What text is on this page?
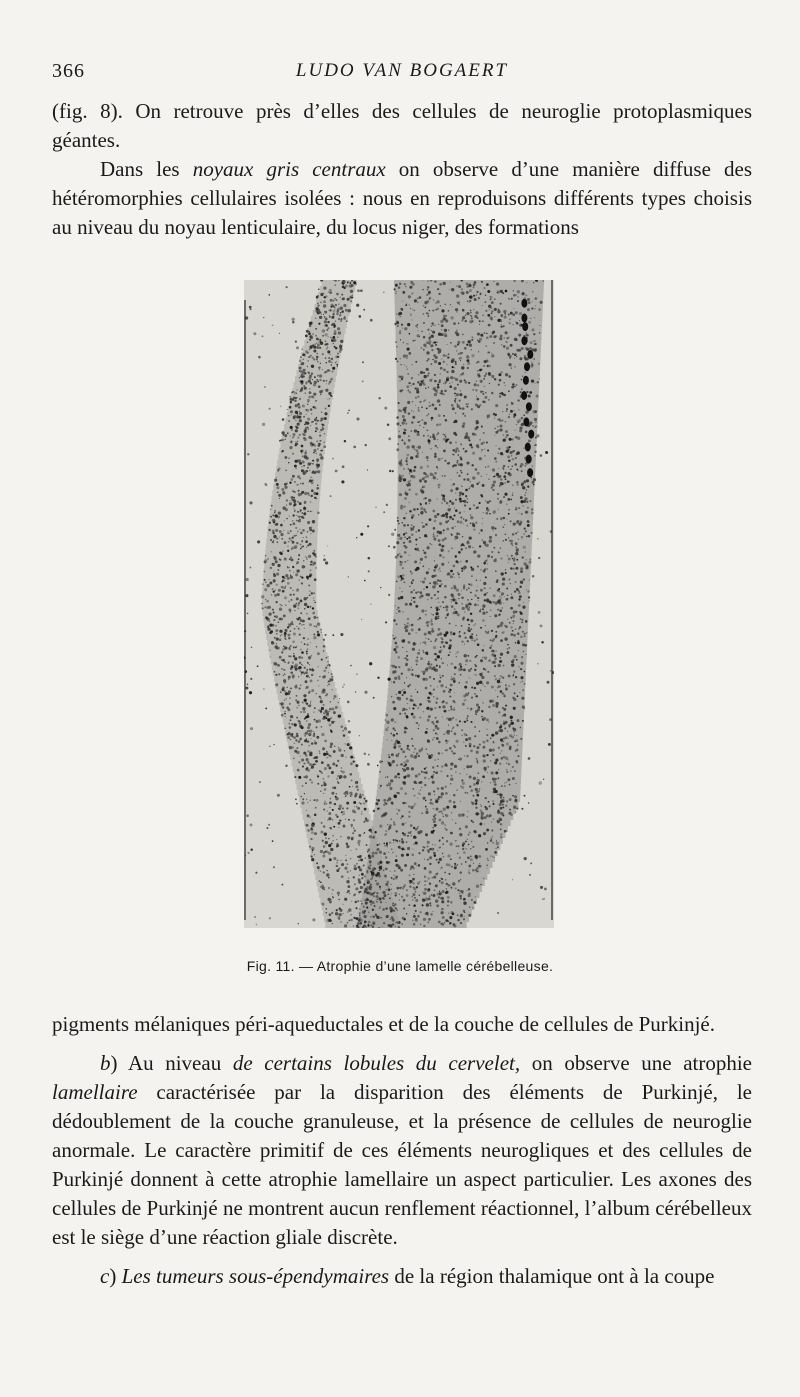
366	LUDO VAN BOGAERT

(fig. 8). On retrouve près d’elles des cellules de neuroglie protoplasmiques géantes.

Dans les noyaux gris centraux on observe d’une manière diffuse des hétéromorphies cellulaires isolées : nous en reproduisons différents types choisis au niveau du noyau lenticulaire, du locus niger, des formations

Fig. 11. — Atrophie d’une lamelle cérébelleuse.

pigments mélaniques péri-aqueductales et de la couche de cellules de Purkinjé.

b) Au niveau de certains lobules du cervelet, on observe une atrophie lamellaire caractérisée par la disparition des éléments de Purkinjé, le dédoublement de la couche granuleuse, et la présence de cellules de neuroglie anormale. Le caractère primitif de ces éléments neurogliques et des cellules de Purkinjé donnent à cette atrophie lamellaire un aspect particulier. Les axones des cellules de Purkinjé ne montrent aucun renflement réactionnel, l’album cérébelleux est le siège d’une réaction gliale discrète.

c) Les tumeurs sous-épendymaires de la région thalamique ont à la coupe
